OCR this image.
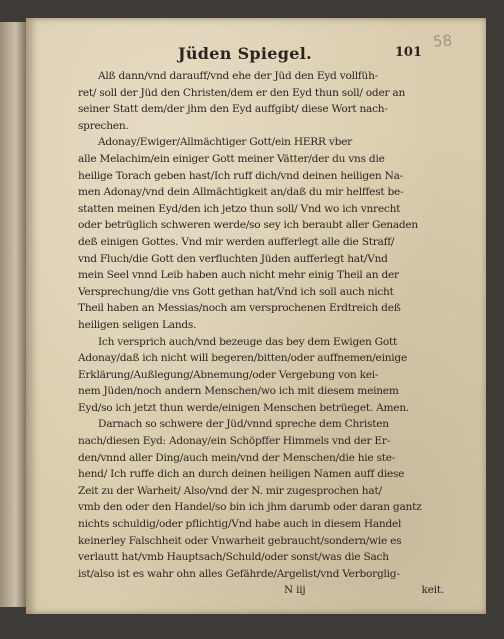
58
Jüden Spiegel.	101
Alß dann/vnd darauff/vnd ehe der Jüd den Eyd vollfüh-
ret/ soll der Jüd den Christen/dem er den Eyd thun soll/ oder an
seiner Statt dem/der jhm den Eyd auffgibt/ diese Wort nach-
sprechen.
Adonay/Ewiger/Allmächtiger Gott/ein HERR vber
alle Melachim/ein einiger Gott meiner Vätter/der du vns die
heilige Torach geben hast/Ich ruff dich/vnd deinen heiligen Na-
men Adonay/vnd dein Allmächtigkeit an/daß du mir helffest be-
statten meinen Eyd/den ich jetzo thun soll/ Vnd wo ich vnrecht
oder betrüglich schweren werde/so sey ich beraubt aller Genaden
deß einigen Gottes. Vnd mir werden aufferlegt alle die Straff/
vnd Fluch/die Gott den verfluchten Jüden aufferlegt hat/Vnd
mein Seel vnnd Leib haben auch nicht mehr einig Theil an der
Versprechung/die vns Gott gethan hat/Vnd ich soll auch nicht
Theil haben an Messias/noch am versprochenen Erdtreich deß
heiligen seligen Lands.
Ich versprich auch/vnd bezeuge das bey dem Ewigen Gott
Adonay/daß ich nicht will begeren/bitten/oder auffnemen/einige
Erklärung/Außlegung/Abnemung/oder Vergebung von kei-
nem Jüden/noch andern Menschen/wo ich mit diesem meinem
Eyd/so ich jetzt thun werde/einigen Menschen betrüeget. Amen.
Darnach so schwere der Jüd/vnnd spreche dem Christen
nach/diesen Eyd: Adonay/ein Schöpffer Himmels vnd der Er-
den/vnnd aller Ding/auch mein/vnd der Menschen/die hie ste-
hend/ Ich ruffe dich an durch deinen heiligen Namen auff diese
Zeit zu der Warheit/ Also/vnd der N. mir zugesprochen hat/
vmb den oder den Handel/so bin ich jhm darumb oder daran gantz
nichts schuldig/oder pflichtig/Vnd habe auch in diesem Handel
keinerley Falschheit oder Vnwarheit gebraucht/sondern/wie es
verlautt hat/vmb Hauptsach/Schuld/oder sonst/was die Sach
ist/also ist es wahr ohn alles Gefährde/Argelist/vnd Verborglig-
N iij	keit.
